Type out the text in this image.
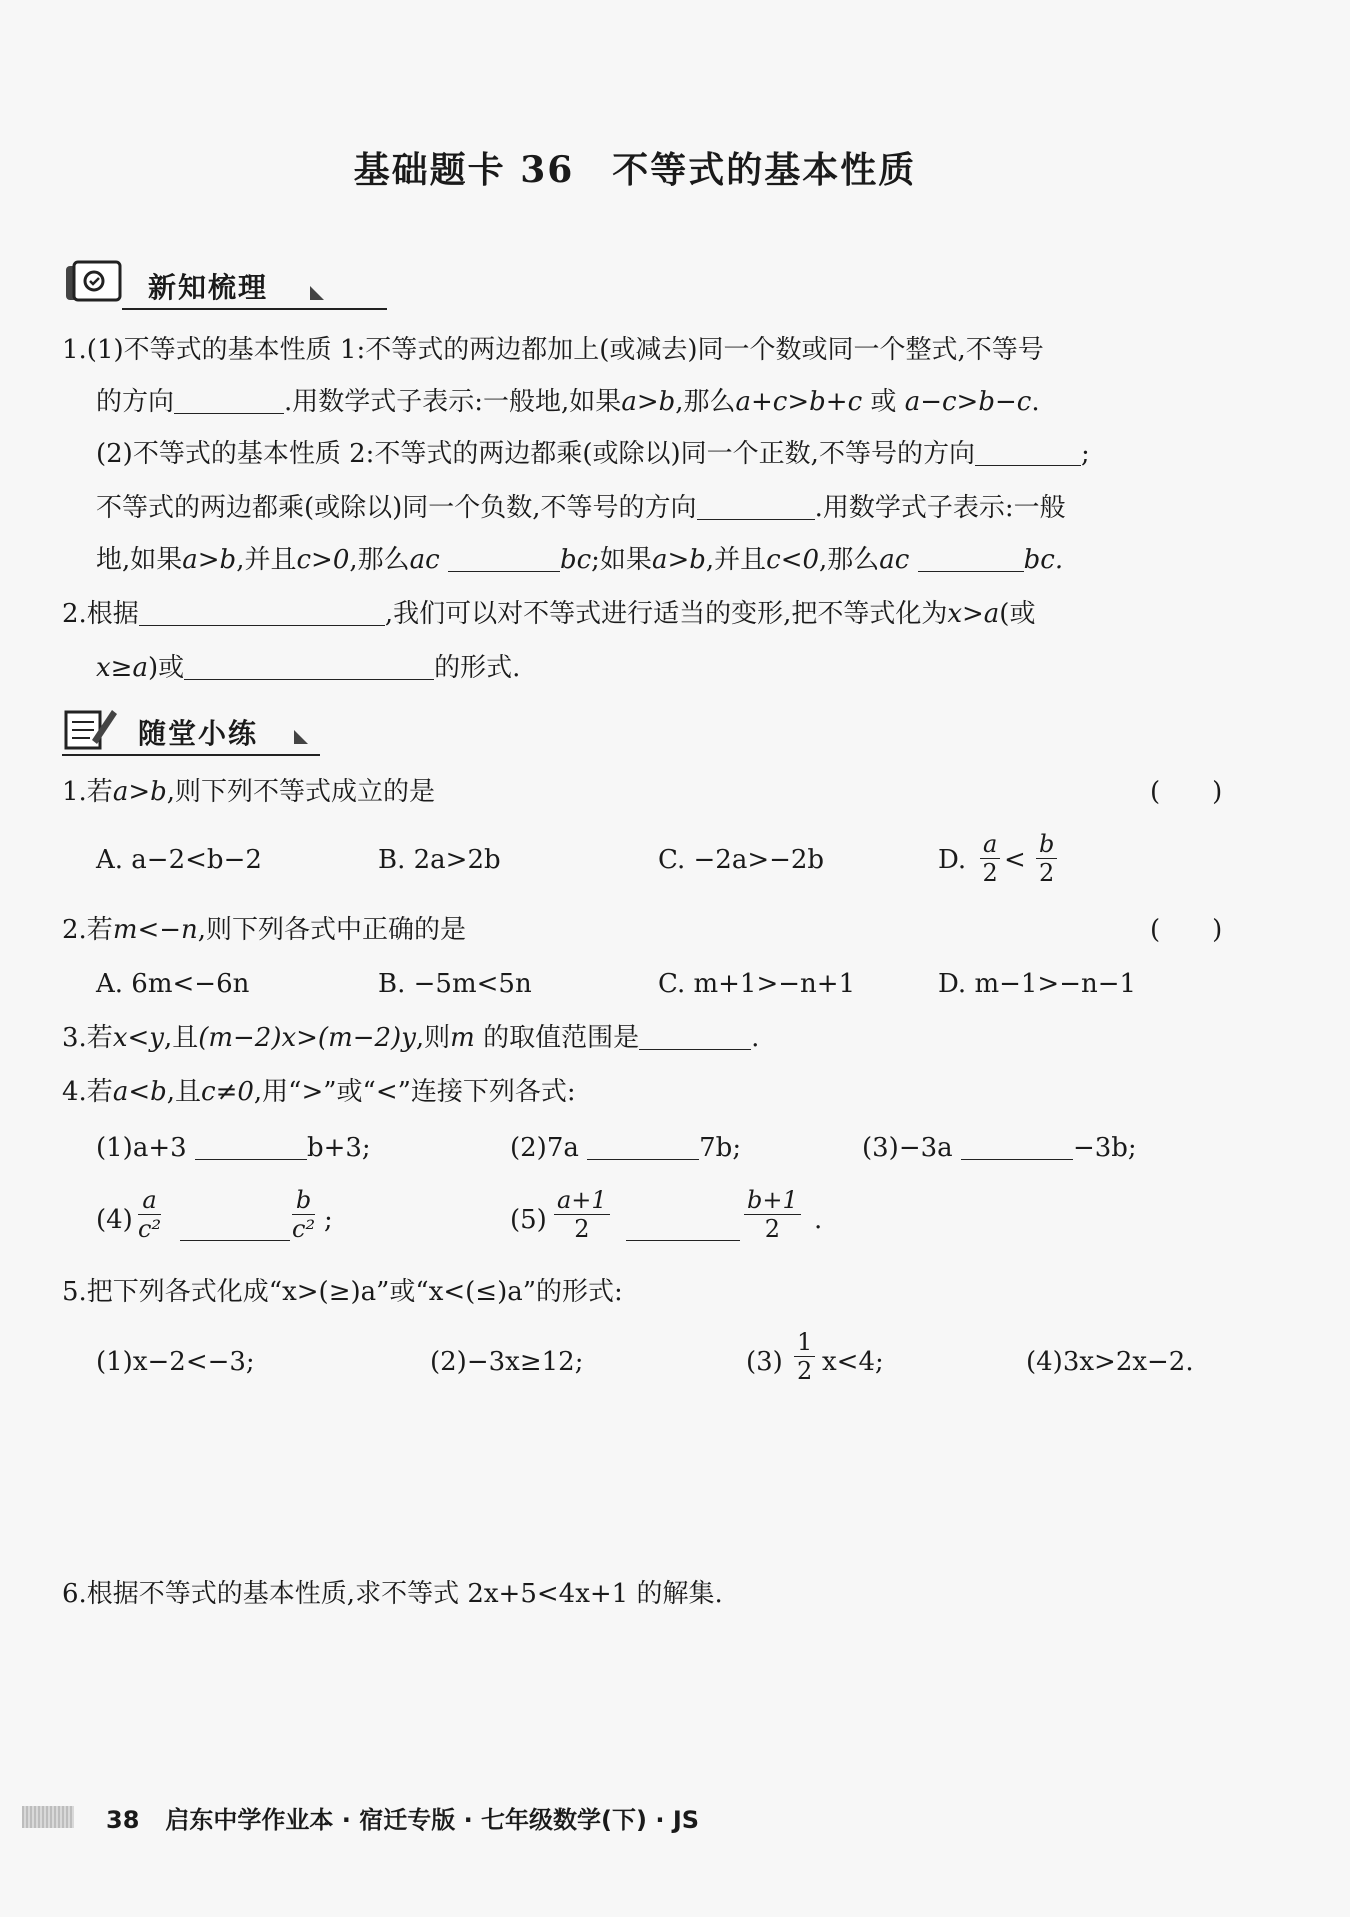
基础题卡 36　不等式的基本性质
新知梳理
1.(1)不等式的基本性质 1:不等式的两边都加上(或减去)同一个数或同一个整式,不等号
的方向	.用数学式子表示:一般地,如果a>b,那么a+c>b+c 或 a−c>b−c.
(2)不等式的基本性质 2:不等式的两边都乘(或除以)同一个正数,不等号的方向	;
不等式的两边都乘(或除以)同一个负数,不等号的方向	.用数学式子表示:一般
地,如果a>b,并且c>0,那么ac	bc;如果a>b,并且c<0,那么ac	bc.
2.根据	,我们可以对不等式进行适当的变形,把不等式化为x>a(或
x≥a)或	的形式.
随堂小练
1.若a>b,则下列不等式成立的是	(　　)
A. a−2<b−2	B. 2a>2b	C. −2a>−2b	D. $\frac{a}{2} < \frac{b}{2}$
2.若m<−n,则下列各式中正确的是	(　　)
A. 6m<−6n	B. −5m<5n	C. m+1>−n+1	D. m−1>−n−1
3.若x<y,且(m−2)x>(m−2)y,则m 的取值范围是	.
4.若a<b,且c≠0,用“>”或“<”连接下列各式:
(1)a+3	b+3;	(2)7a	7b;	(3)−3a	−3b;
$(4) \frac{a}{\text{c²}}$	$\frac{b}{\text{c²}}$ ;	$(5) \frac{a+1}{2}$	$\frac{b+1}{2}$ .
5.把下列各式化成“x>(≥)a”或“x<(≤)a”的形式:
(1)x−2<−3;	(2)−3x≥12;	$(3) \frac{1}{2} x<4$;	(4)3x>2x−2.
6.根据不等式的基本性质,求不等式 2x+5<4x+1 的解集.
38 启东中学作业本 · 宿迁专版 · 七年级数学(下) · JS
